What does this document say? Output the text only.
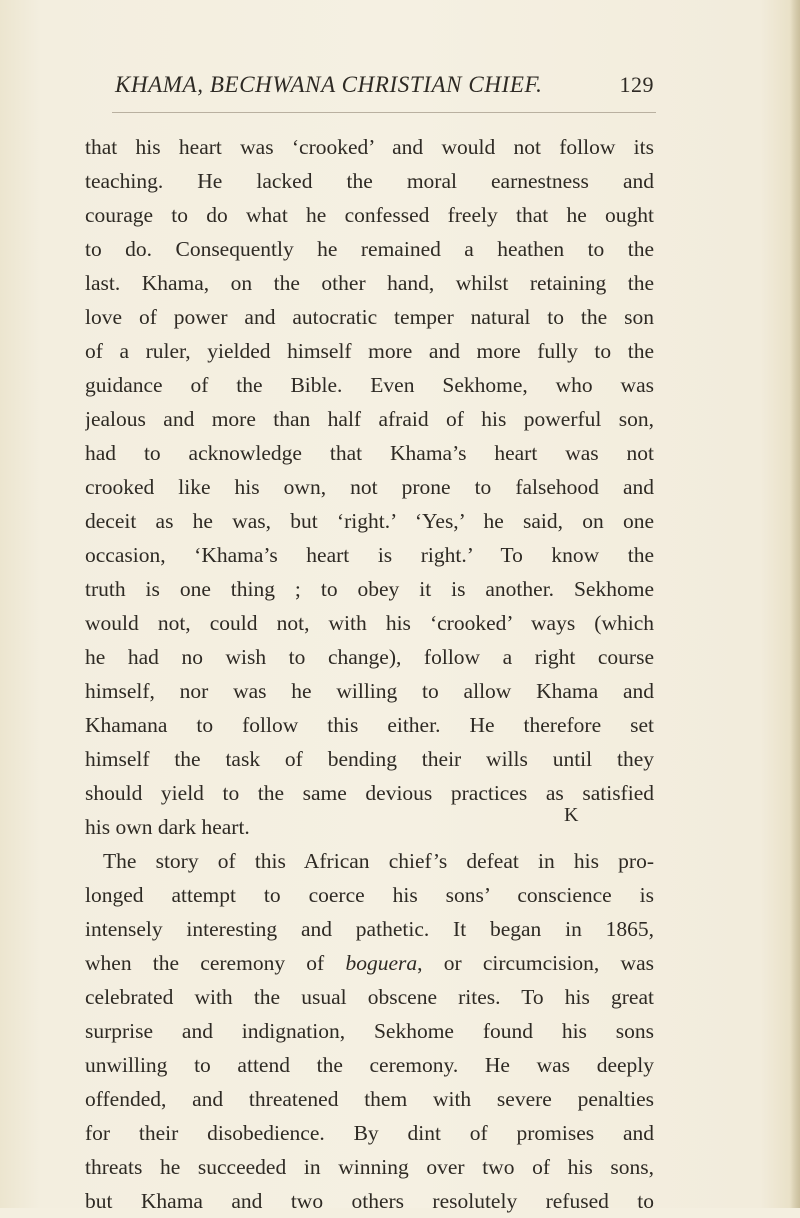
KHAMA, BECHWANA CHRISTIAN CHIEF.	129
that his heart was ‘crooked’ and would not follow its
teaching. He lacked the moral earnestness and
courage to do what he confessed freely that he ought
to do. Consequently he remained a heathen to the
last. Khama, on the other hand, whilst retaining the
love of power and autocratic temper natural to the son
of a ruler, yielded himself more and more fully to the
guidance of the Bible. Even Sekhome, who was
jealous and more than half afraid of his powerful son,
had to acknowledge that Khama’s heart was not
crooked like his own, not prone to falsehood and
deceit as he was, but ‘right.’ ‘Yes,’ he said, on one
occasion, ‘Khama’s heart is right.’ To know the
truth is one thing ; to obey it is another. Sekhome
would not, could not, with his ‘crooked’ ways (which
he had no wish to change), follow a right course
himself, nor was he willing to allow Khama and
Khamana to follow this either. He therefore set
himself the task of bending their wills until they
should yield to the same devious practices as satisfied
his own dark heart.
The story of this African chief’s defeat in his pro-
longed attempt to coerce his sons’ conscience is
intensely interesting and pathetic. It began in 1865,
when the ceremony of boguera, or circumcision, was
celebrated with the usual obscene rites. To his great
surprise and indignation, Sekhome found his sons
unwilling to attend the ceremony. He was deeply
offended, and threatened them with severe penalties
for their disobedience. By dint of promises and
threats he succeeded in winning over two of his sons,
but Khama and two others resolutely refused to
K
